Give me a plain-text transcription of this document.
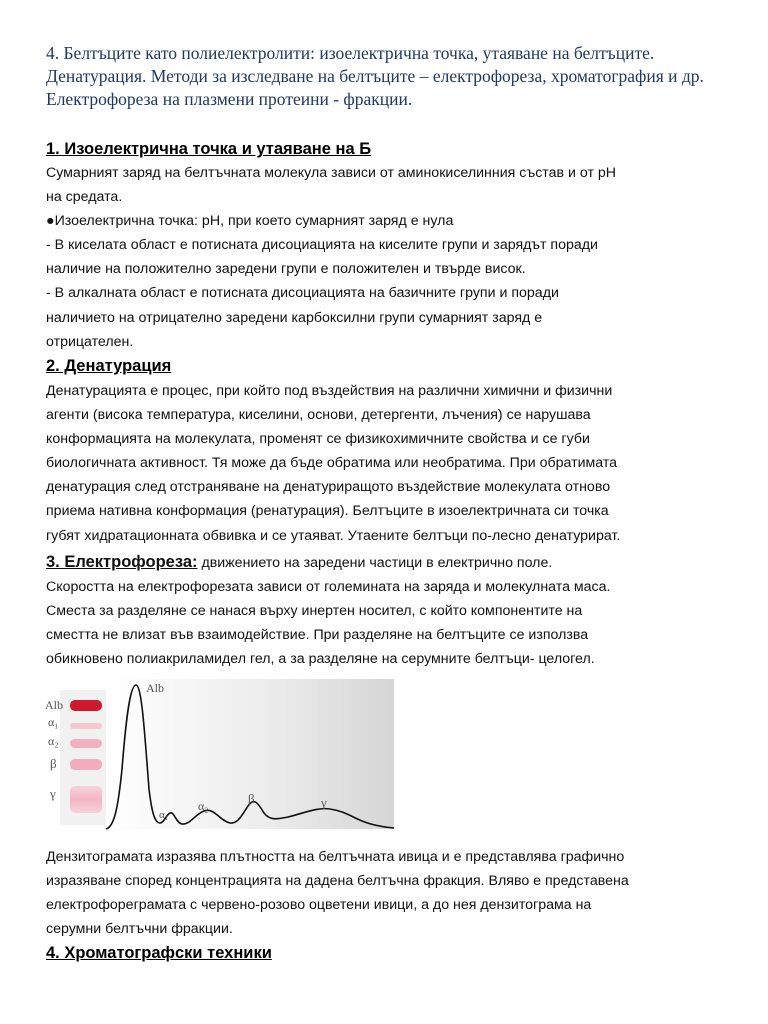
4. Белтъците като полиелектролити: изоелектрична точка, утаяване на белтъците. Денатурация. Методи за изследване на белтъците – електрофореза, хроматография и др. Електрофореза на плазмени протеини - фракции.
1. Изоелектрична точка и утаяване на Б
Сумарният заряд на белтъчната молекула зависи от аминокиселинния състав и от рН
на средата.
●Изоелектрична точка: рН, при което сумарният заряд е нула
- В киселата област е потисната дисоциацията на киселите групи и зарядът поради
наличие на положително заредени групи е положителен и твърде висок.
- В алкалната област е потисната дисоциацията на базичните групи и поради
наличието на отрицателно заредени карбоксилни групи сумарният заряд е
отрицателен.
2. Денатурация
Денатурацията е процес, при който под въздействия на различни химични и физични
агенти (висока температура, киселини, основи, детергенти, лъчения) се нарушава
конформацията на молекулата, променят се физикохимичните свойства и се губи
биологичната активност. Тя може да бъде обратима или необратима. При обратимата
денатурация след отстраняване на денатуриращото въздействие молекулата отново
приема нативна конформация (ренатурация). Белтъците в изоелектричната си точка
губят хидратационната обвивка и се утаяват. Утаените белтъци по-лесно денатурират.
3. Електрофореза: движението на заредени частици в електрично поле.
Скоростта на електрофорезата зависи от големината на заряда и молекулната маса.
Сместа за разделяне се нанася върху инертен носител, с който компонентите на
сместта не влизат във взаимодействие. При разделяне на белтъците се използва
обикновено полиакриламидел гел, а за разделяне на серумните белтъци- целогел.
Alb
α₁
α₂
β
γ
Alb
α₁
α₂	β	γ
Дензитограмата изразява плътността на белтъчната ивица и е представлява графично
изразяване според концентрацията на дадена белтъчна фракция. Вляво е представена
електрофореграмата с червено-розово оцветени ивици, а до нея дензитограма на
серумни белтъчни фракции.
4. Хроматографски техники
